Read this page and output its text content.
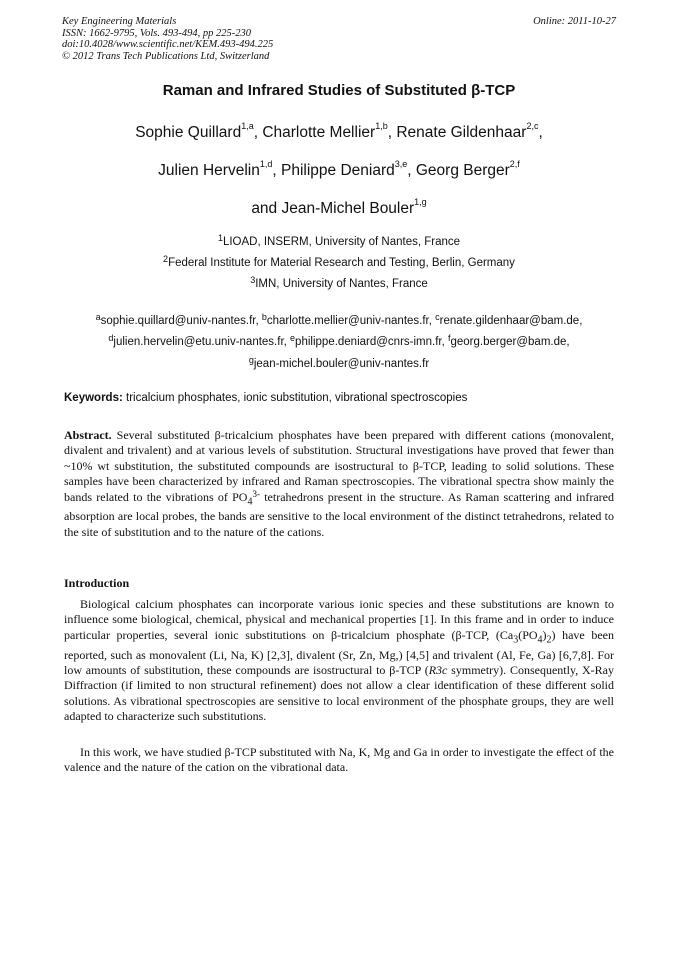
Key Engineering Materials
ISSN: 1662-9795, Vols. 493-494, pp 225-230
doi:10.4028/www.scientific.net/KEM.493-494.225
© 2012 Trans Tech Publications Ltd, Switzerland
Online: 2011-10-27
Raman and Infrared Studies of Substituted β-TCP
Sophie Quillard$^{1,a}$, Charlotte Mellier$^{1,b}$, Renate Gildenhaar$^{2,c}$,
Julien Hervelin$^{1,d}$, Philippe Deniard$^{3,e}$, Georg Berger$^{2,f}$
and Jean-Michel Bouler$^{1,g}$
$^1$LIOAD, INSERM, University of Nantes, France
$^2$Federal Institute for Material Research and Testing, Berlin, Germany
$^3$IMN, University of Nantes, France
$^a$sophie.quillard@univ-nantes.fr, $^b$charlotte.mellier@univ-nantes.fr, $^c$renate.gildenhaar@bam.de,
$^d$julien.hervelin@etu.univ-nantes.fr, $^e$philippe.deniard@cnrs-imn.fr, $^f$georg.berger@bam.de,
$^g$jean-michel.bouler@univ-nantes.fr
Keywords: tricalcium phosphates, ionic substitution, vibrational spectroscopies

Abstract. Several substituted β-tricalcium phosphates have been prepared with different cations (monovalent, divalent and trivalent) and at various levels of substitution. Structural investigations have proved that fewer than ~10% wt substitution, the substituted compounds are isostructural to β-TCP, leading to solid solutions. These samples have been characterized by infrared and Raman spectroscopies. The vibrational spectra show mainly the bands related to the vibrations of $PO_4^{3-}$ tetrahedrons present in the structure. As Raman scattering and infrared absorption are local probes, the bands are sensitive to the local environment of the distinct tetrahedrons, related to the site of substitution and to the nature of the cations.

Introduction

Biological calcium phosphates can incorporate various ionic species and these substitutions are known to influence some biological, chemical, physical and mechanical properties [1]. In this frame and in order to induce particular properties, several ionic substitutions on β-tricalcium phosphate (β-TCP, $(Ca_3(PO_4)_2)$ have been reported, such as monovalent (Li, Na, K) [2,3], divalent (Sr, Zn, Mg,) [4,5] and trivalent (Al, Fe, Ga) [6,7,8]. For low amounts of substitution, these compounds are isostructural to β-TCP (R3c symmetry). Consequently, X-Ray Diffraction (if limited to non structural refinement) does not allow a clear identification of these different solid solutions. As vibrational spectroscopies are sensitive to local environment of the phosphate groups, they are well adapted to characterize such substitutions.

In this work, we have studied β-TCP substituted with Na, K, Mg and Ga in order to investigate the effect of the valence and the nature of the cation on the vibrational data.
